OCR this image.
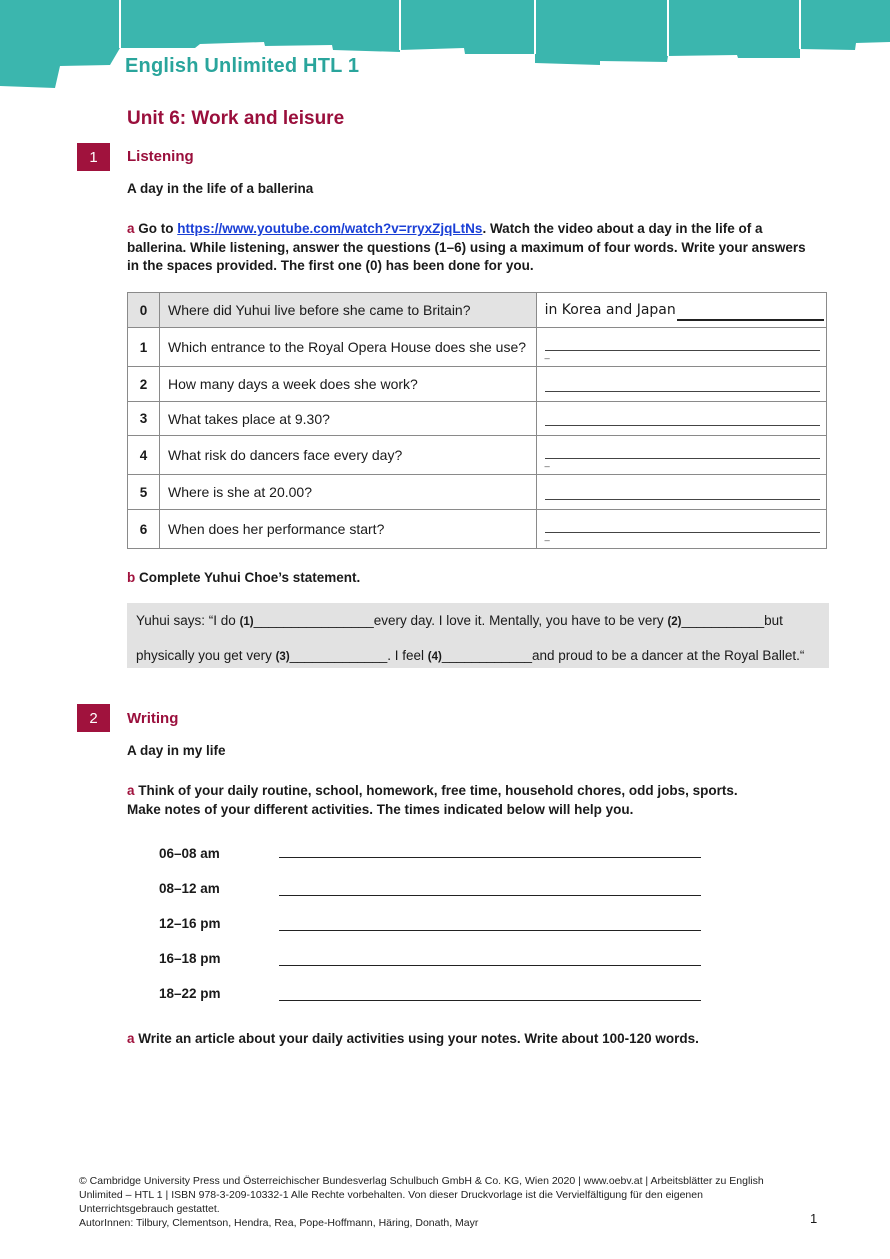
English Unlimited HTL 1
Unit 6: Work and leisure
1	Listening
A day in the life of a ballerina
a Go to https://www.youtube.com/watch?v=rryxZjqLtNs. Watch the video about a day in the life of a ballerina. While listening, answer the questions (1–6) using a maximum of four words. Write your answers in the spaces provided. The first one (0) has been done for you.
0	Where did Yuhui live before she came to Britain?	in Korea and Japan

1	Which entrance to the Royal Opera House does she use?	_

2	How many days a week does she work?	

3	What takes place at 9.30?	

4	What risk do dancers face every day?	_

5	Where is she at 20.00?	

6	When does her performance start?	_
b Complete Yuhui Choe’s statement.
Yuhui says: “I do (1)________________every day. I love it. Mentally, you have to be very (2)___________but
physically you get very (3)_____________. I feel (4)____________and proud to be a dancer at the Royal Ballet.“
2	Writing
A day in my life
a Think of your daily routine, school, homework, free time, household chores, odd jobs, sports.
Make notes of your different activities. The times indicated below will help you.
06–08 am
08–12 am
12–16 pm
16–18 pm
18–22 pm
a Write an article about your daily activities using your notes. Write about 100-120 words.
© Cambridge University Press und Österreichischer Bundesverlag Schulbuch GmbH & Co. KG, Wien 2020 | www.oebv.at | Arbeitsblätter zu English
Unlimited – HTL 1 | ISBN 978-3-209-10332-1 Alle Rechte vorbehalten. Von dieser Druckvorlage ist die Vervielfältigung für den eigenen
Unterrichtsgebrauch gestattet.
AutorInnen: Tilbury, Clementson, Hendra, Rea, Pope-Hoffmann, Häring, Donath, Mayr	1
